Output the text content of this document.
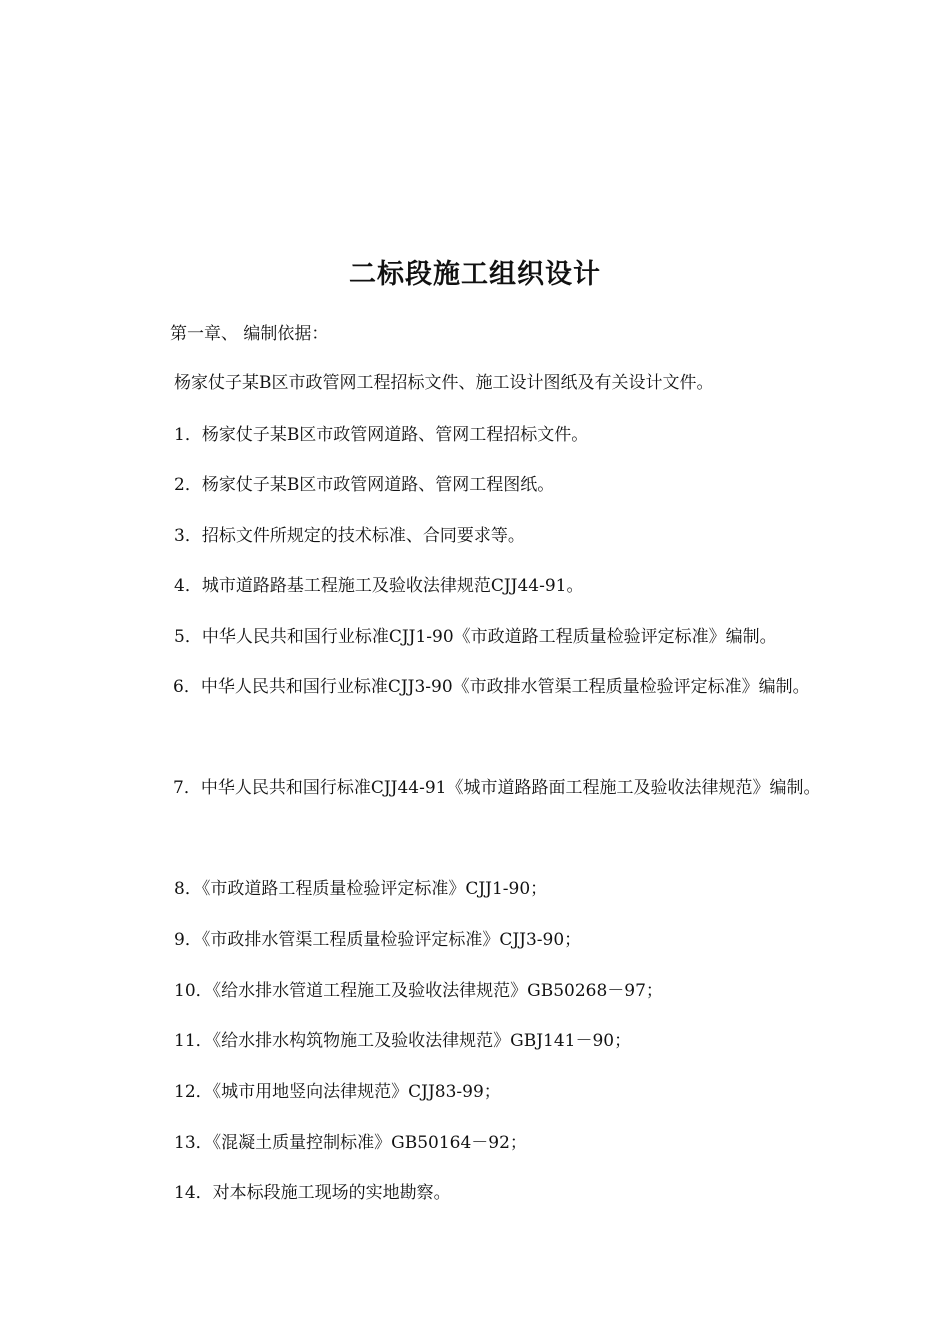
二标段施工组织设计

第一章、 编制依据：

杨家仗子某B区市政管网工程招标文件、施工设计图纸及有关设计文件。

1．杨家仗子某B区市政管网道路、管网工程招标文件。

2．杨家仗子某B区市政管网道路、管网工程图纸。

3．招标文件所规定的技术标准、合同要求等。

4．城市道路路基工程施工及验收法律规范CJJ44-91。

5．中华人民共和国行业标准CJJ1-90《市政道路工程质量检验评定标准》编制。

6．中华人民共和国行业标准CJJ3-90《市政排水管渠工程质量检验评定标准》编制。

7．中华人民共和国行标准CJJ44-91《城市道路路面工程施工及验收法律规范》编制。

8．《市政道路工程质量检验评定标准》CJJ1-90；

9．《市政排水管渠工程质量检验评定标准》CJJ3-90；

10．《给水排水管道工程施工及验收法律规范》GB50268－97；

11．《给水排水构筑物施工及验收法律规范》GBJ141－90；

12．《城市用地竖向法律规范》CJJ83-99；

13．《混凝土质量控制标准》GB50164－92；

14．对本标段施工现场的实地勘察。
